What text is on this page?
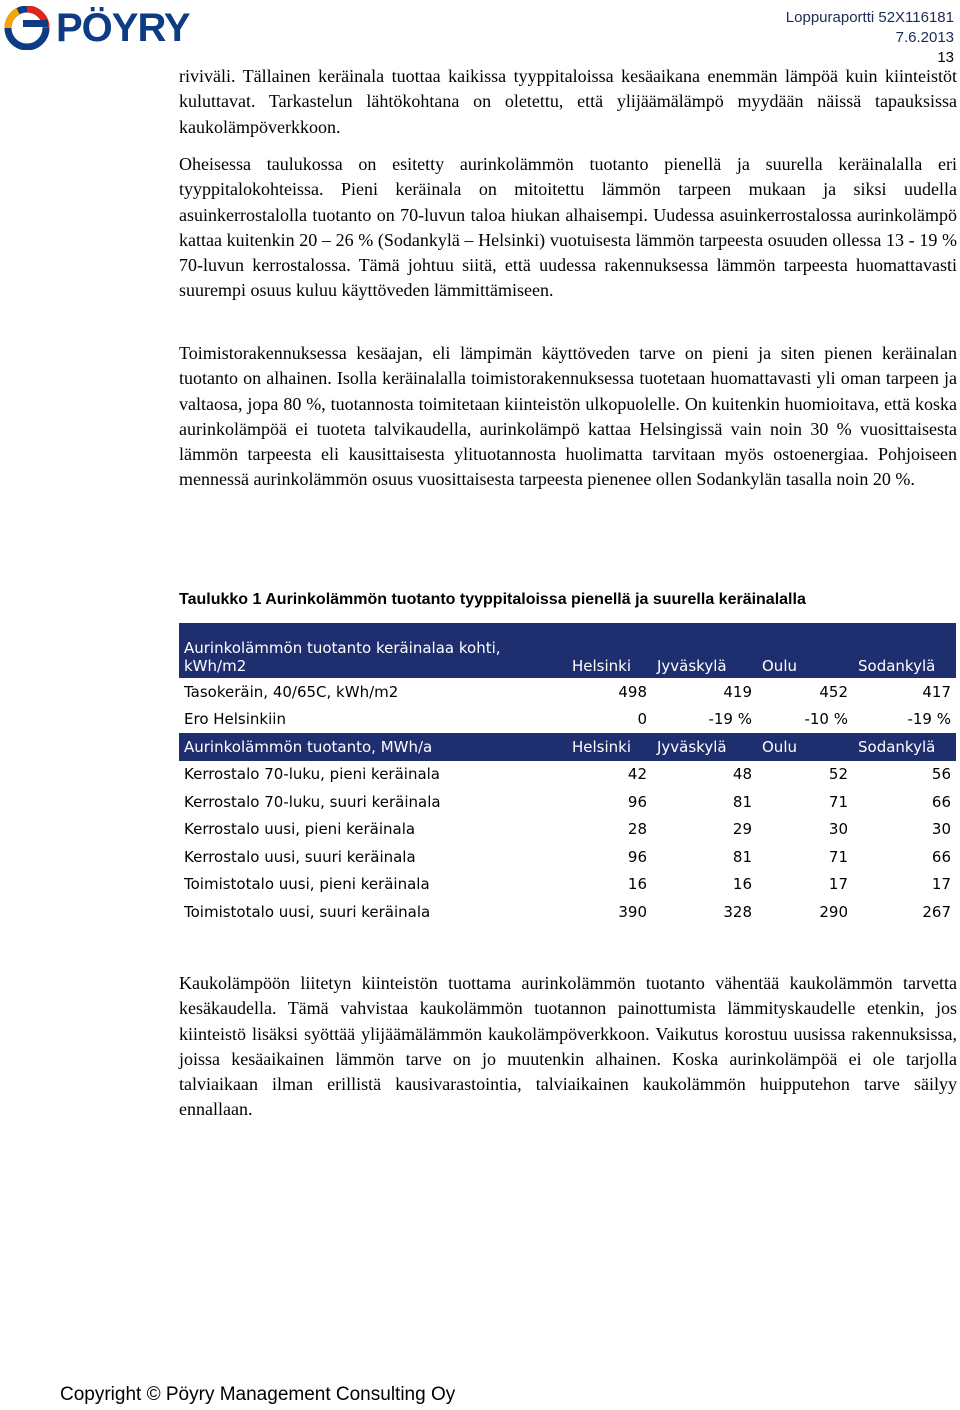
PÖYRY	Loppuraportti 52X116181
7.6.2013
13
riviväli. Tällainen keräinala tuottaa kaikissa tyyppitaloissa kesäaikana enemmän lämpöä kuin kiinteistöt kuluttavat. Tarkastelun lähtökohtana on oletettu, että ylijäämälämpö myydään näissä tapauksissa kaukolämpöverkkoon.
Oheisessa taulukossa on esitetty aurinkolämmön tuotanto pienellä ja suurella keräinalalla eri tyyppitalokohteissa. Pieni keräinala on mitoitettu lämmön tarpeen mukaan ja siksi uudella asuinkerrostalolla tuotanto on 70-luvun taloa hiukan alhaisempi. Uudessa asuinkerrostalossa aurinkolämpö kattaa kuitenkin 20 – 26 % (Sodankylä – Helsinki) vuotuisesta lämmön tarpeesta osuuden ollessa 13 - 19 % 70-luvun kerrostalossa. Tämä johtuu siitä, että uudessa rakennuksessa lämmön tarpeesta huomattavasti suurempi osuus kuluu käyttöveden lämmittämiseen.
Toimistorakennuksessa kesäajan, eli lämpimän käyttöveden tarve on pieni ja siten pienen keräinalan tuotanto on alhainen. Isolla keräinalalla toimistorakennuksessa tuotetaan huomattavasti yli oman tarpeen ja valtaosa, jopa 80 %, tuotannosta toimitetaan kiinteistön ulkopuolelle. On kuitenkin huomioitava, että koska aurinkolämpöä ei tuoteta talvikaudella, aurinkolämpö kattaa Helsingissä vain noin 30 % vuosittaisesta lämmön tarpeesta eli kausittaisesta ylituotannosta huolimatta tarvitaan myös ostoenergiaa. Pohjoiseen mennessä aurinkolämmön osuus vuosittaisesta tarpeesta pienenee ollen Sodankylän tasalla noin 20 %.
Taulukko 1 Aurinkolämmön tuotanto tyyppitaloissa pienellä ja suurella keräinalalla
Aurinkolämmön tuotanto keräinalaa kohti,
kWh/m2	Helsinki	Jyväskylä	Oulu	Sodankylä
Tasokeräin, 40/65C, kWh/m2	498	419	452	417
Ero Helsinkiin	0	-19 %	-10 %	-19 %
Aurinkolämmön tuotanto, MWh/a	Helsinki	Jyväskylä	Oulu	Sodankylä
Kerrostalo 70-luku, pieni keräinala	42	48	52	56
Kerrostalo 70-luku, suuri keräinala	96	81	71	66
Kerrostalo uusi, pieni keräinala	28	29	30	30
Kerrostalo uusi, suuri keräinala	96	81	71	66
Toimistotalo uusi, pieni keräinala	16	16	17	17
Toimistotalo uusi, suuri keräinala	390	328	290	267
Kaukolämpöön liitetyn kiinteistön tuottama aurinkolämmön tuotanto vähentää kaukolämmön tarvetta kesäkaudella. Tämä vahvistaa kaukolämmön tuotannon painottumista lämmityskaudelle etenkin, jos kiinteistö lisäksi syöttää ylijäämälämmön kaukolämpöverkkoon. Vaikutus korostuu uusissa rakennuksissa, joissa kesäaikainen lämmön tarve on jo muutenkin alhainen. Koska aurinkolämpöä ei ole tarjolla talviaikaan ilman erillistä kausivarastointia, talviaikainen kaukolämmön huipputehon tarve säilyy ennallaan.
Copyright © Pöyry Management Consulting Oy
